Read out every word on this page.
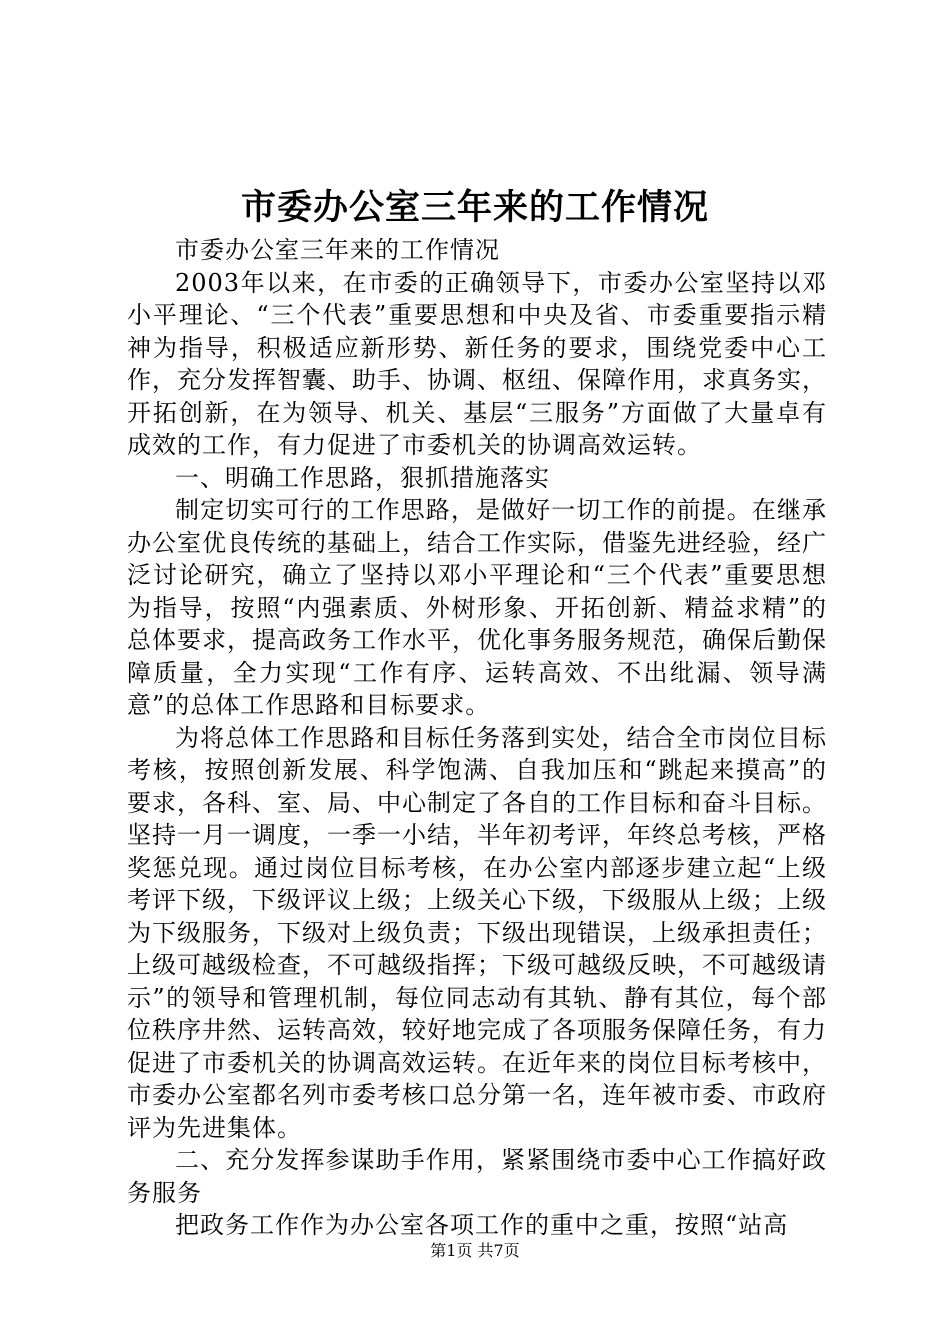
市委办公室三年来的工作情况

市委办公室三年来的工作情况

2003年以来，在市委的正确领导下，市委办公室坚持以邓小平理论、“三个代表”重要思想和中央及省、市委重要指示精神为指导，积极适应新形势、新任务的要求，围绕党委中心工作，充分发挥智囊、助手、协调、枢纽、保障作用，求真务实，开拓创新，在为领导、机关、基层“三服务”方面做了大量卓有成效的工作，有力促进了市委机关的协调高效运转。

一、明确工作思路，狠抓措施落实

制定切实可行的工作思路，是做好一切工作的前提。在继承办公室优良传统的基础上，结合工作实际，借鉴先进经验，经广泛讨论研究，确立了坚持以邓小平理论和“三个代表”重要思想为指导，按照“内强素质、外树形象、开拓创新、精益求精”的总体要求，提高政务工作水平，优化事务服务规范，确保后勤保障质量，全力实现“工作有序、运转高效、不出纰漏、领导满意”的总体工作思路和目标要求。

为将总体工作思路和目标任务落到实处，结合全市岗位目标考核，按照创新发展、科学饱满、自我加压和“跳起来摸高”的要求，各科、室、局、中心制定了各自的工作目标和奋斗目标。坚持一月一调度，一季一小结，半年初考评，年终总考核，严格奖惩兑现。通过岗位目标考核，在办公室内部逐步建立起“上级考评下级，下级评议上级；上级关心下级，下级服从上级；上级为下级服务，下级对上级负责；下级出现错误，上级承担责任；上级可越级检查，不可越级指挥；下级可越级反映，不可越级请示”的领导和管理机制，每位同志动有其轨、静有其位，每个部位秩序井然、运转高效，较好地完成了各项服务保障任务，有力促进了市委机关的协调高效运转。在近年来的岗位目标考核中，市委办公室都名列市委考核口总分第一名，连年被市委、市政府评为先进集体。

二、充分发挥参谋助手作用，紧紧围绕市委中心工作搞好政务服务

把政务工作作为办公室各项工作的重中之重，按照“站高

第1页 共7页
